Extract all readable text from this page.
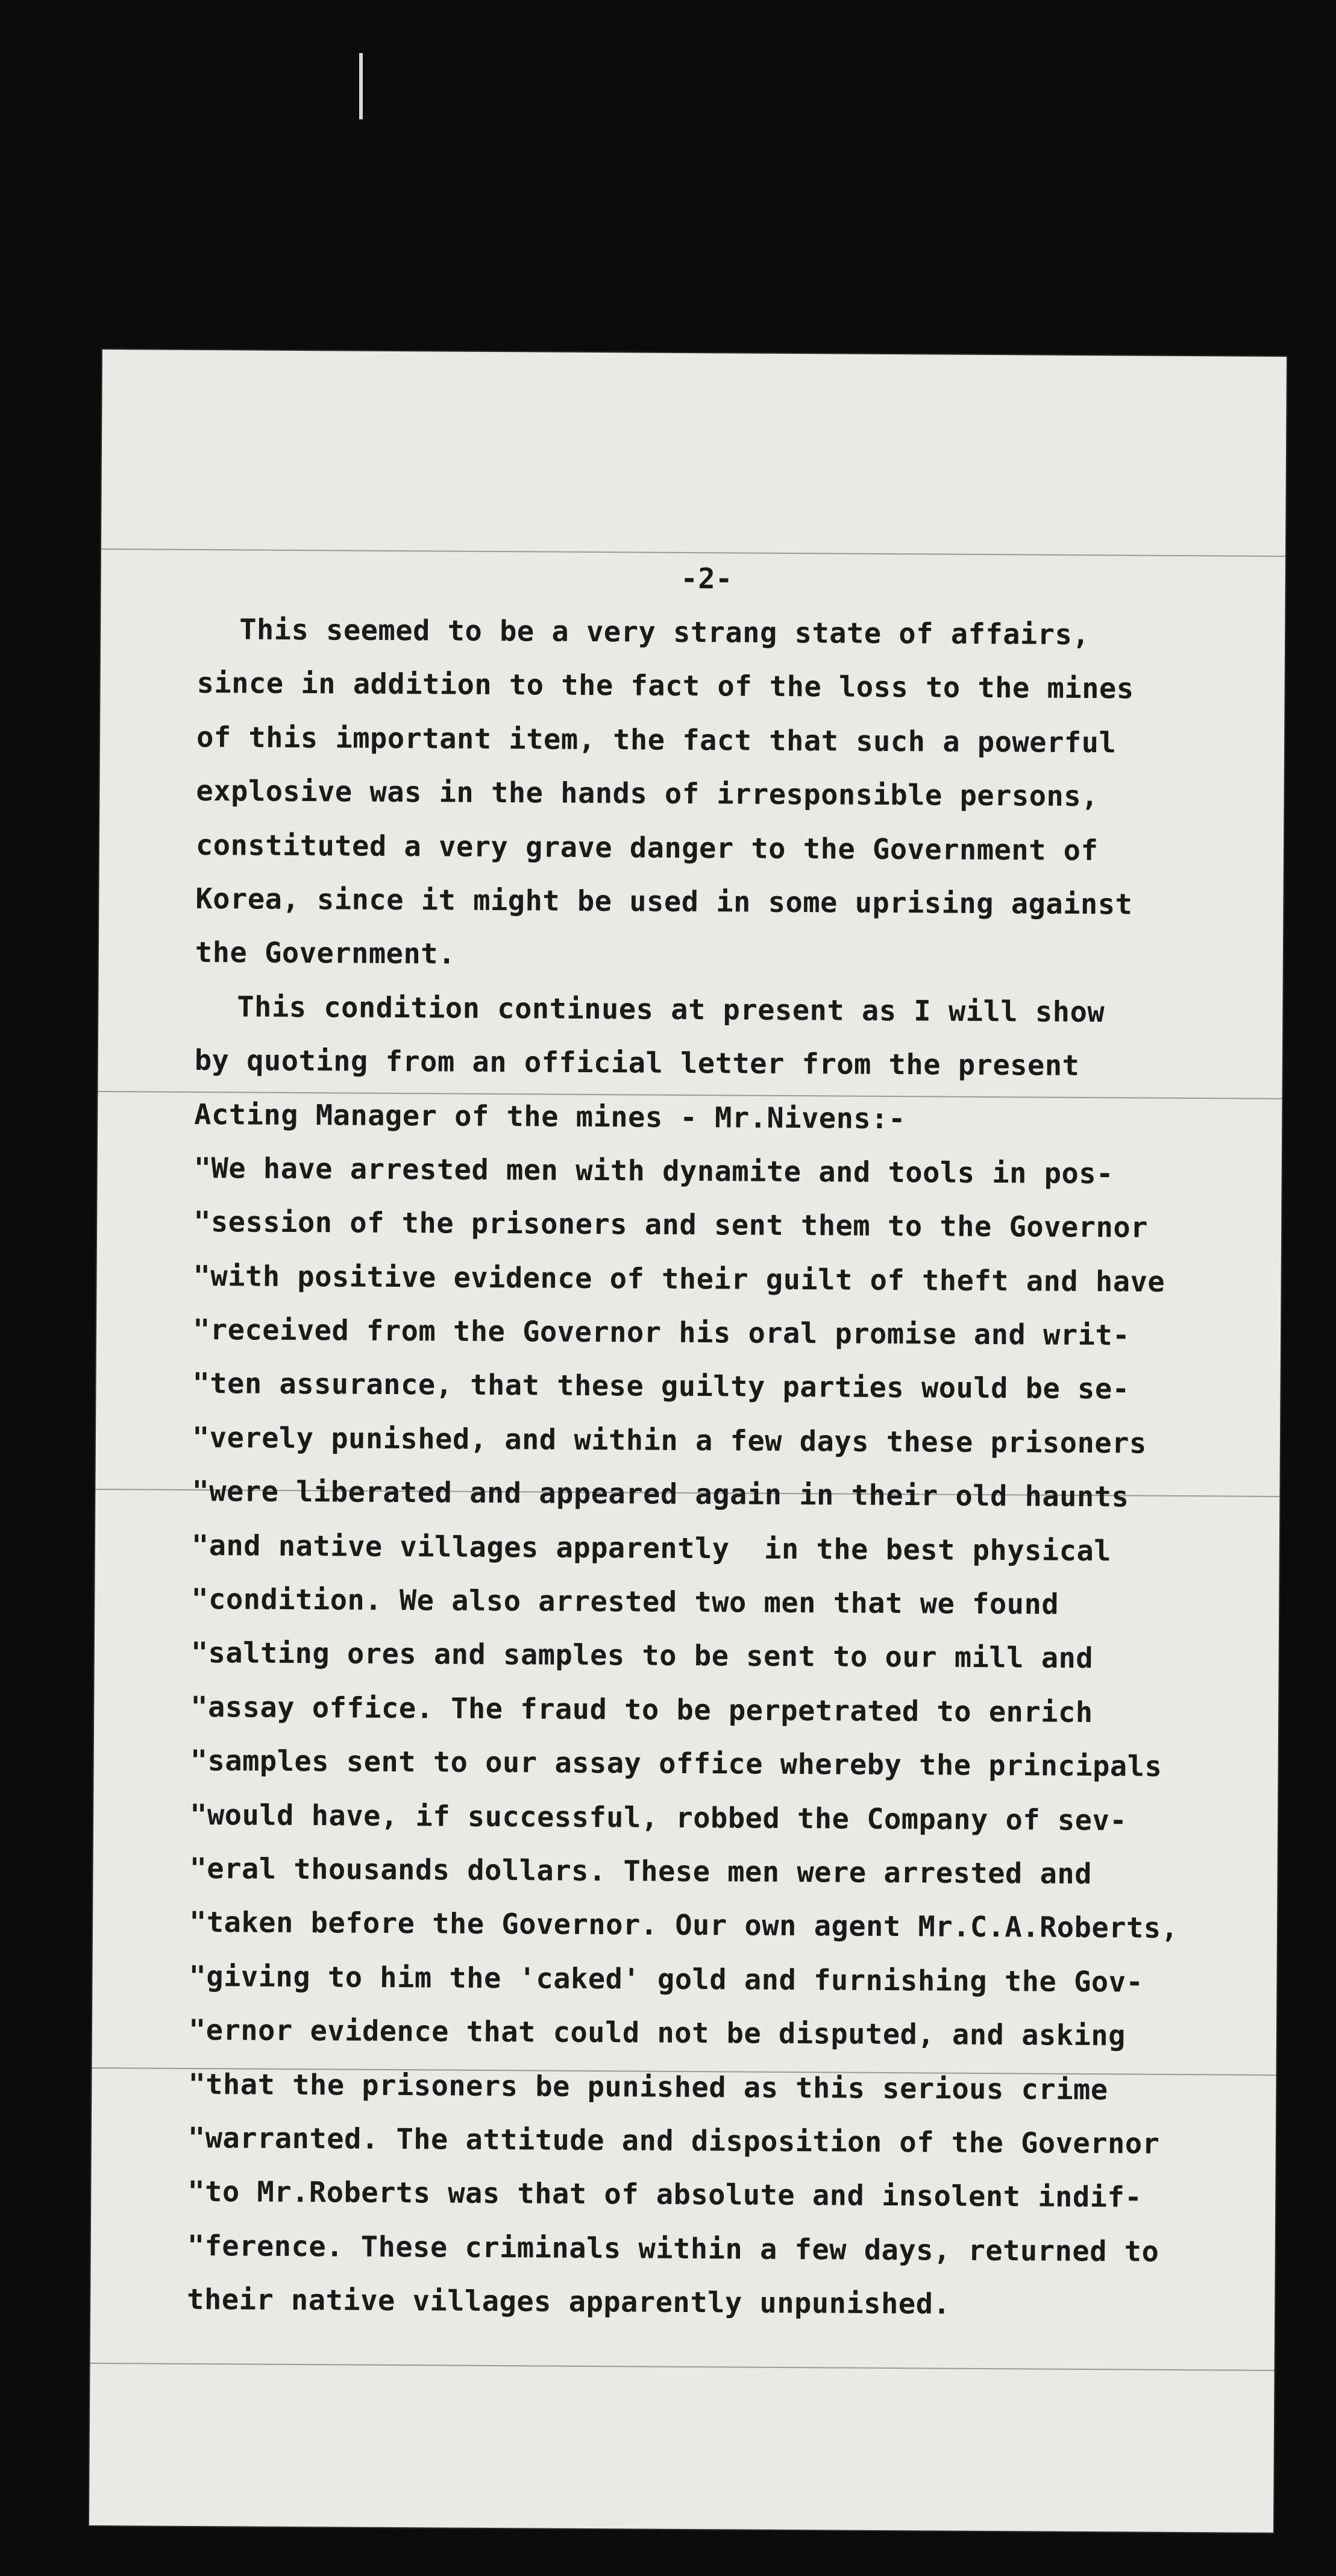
-2-
This seemed to be a very strang state of affairs,
since in addition to the fact of the loss to the mines
of this important item, the fact that such a powerful
explosive was in the hands of irresponsible persons,
constituted a very grave danger to the Government of
Korea, since it might be used in some uprising against
the Government.
This condition continues at present as I will show
by quoting from an official letter from the present
Acting Manager of the mines - Mr.Nivens:-
"We have arrested men with dynamite and tools in pos-
"session of the prisoners and sent them to the Governor
"with positive evidence of their guilt of theft and have
"received from the Governor his oral promise and writ-
"ten assurance, that these guilty parties would be se-
"verely punished, and within a few days these prisoners
"were liberated and appeared again in their old haunts
"and native villages apparently  in the best physical
"condition. We also arrested two men that we found
"salting ores and samples to be sent to our mill and
"assay office. The fraud to be perpetrated to enrich
"samples sent to our assay office whereby the principals
"would have, if successful, robbed the Company of sev-
"eral thousands dollars. These men were arrested and
"taken before the Governor. Our own agent Mr.C.A.Roberts,
"giving to him the 'caked' gold and furnishing the Gov-
"ernor evidence that could not be disputed, and asking
"that the prisoners be punished as this serious crime
"warranted. The attitude and disposition of the Governor
"to Mr.Roberts was that of absolute and insolent indif-
"ference. These criminals within a few days, returned to
their native villages apparently unpunished.
